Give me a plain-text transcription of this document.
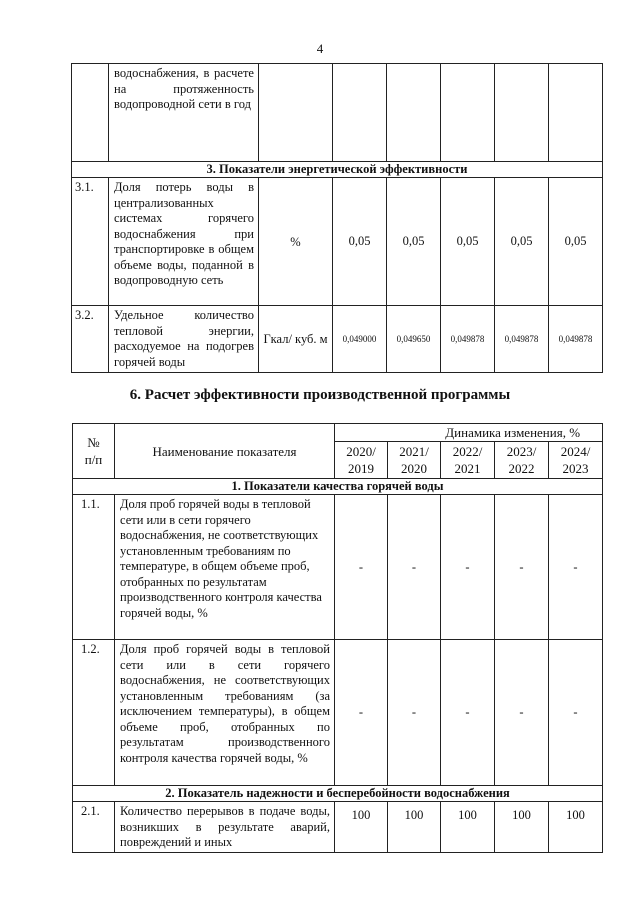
4
	водоснабжения, в расчете на протяженность водопроводной сети в год						
3. Показатели энергетической эффективности							
3.1.	Доля потерь воды в централизованных системах горячего водоснабжения при транспортировке в общем объеме воды, поданной в водопроводную сеть	%	0,05	0,05	0,05	0,05	0,05
3.2.	Удельное количество тепловой энергии, расходуемое на подогрев горячей воды	Гкал/ куб. м	0,049000	0,049650	0,049878	0,049878	0,049878
6. Расчет эффективности производственной программы
№ п/п	Наименование показателя	Динамика изменения, %				
		2020/ 2019	2021/ 2020	2022/ 2021	2023/ 2022	2024/ 2023
1. Показатели качества горячей воды						
1.1.	Доля проб горячей воды в тепловой сети или в сети горячего водоснабжения, не соответствующих установленным требованиям по температуре, в общем объеме проб, отобранных по результатам производственного контроля качества горячей воды, %	-	-	-	-	-
1.2.	Доля проб горячей воды в тепловой сети или в сети горячего водоснабжения, не соответствующих установленным требованиям (за исключением температуры), в общем объеме проб, отобранных по результатам производственного контроля качества горячей воды, %	-	-	-	-	-
2. Показатель надежности и бесперебойности водоснабжения						
2.1.	Количество перерывов в подаче воды, возникших в результате аварий, повреждений и иных	100	100	100	100	100
